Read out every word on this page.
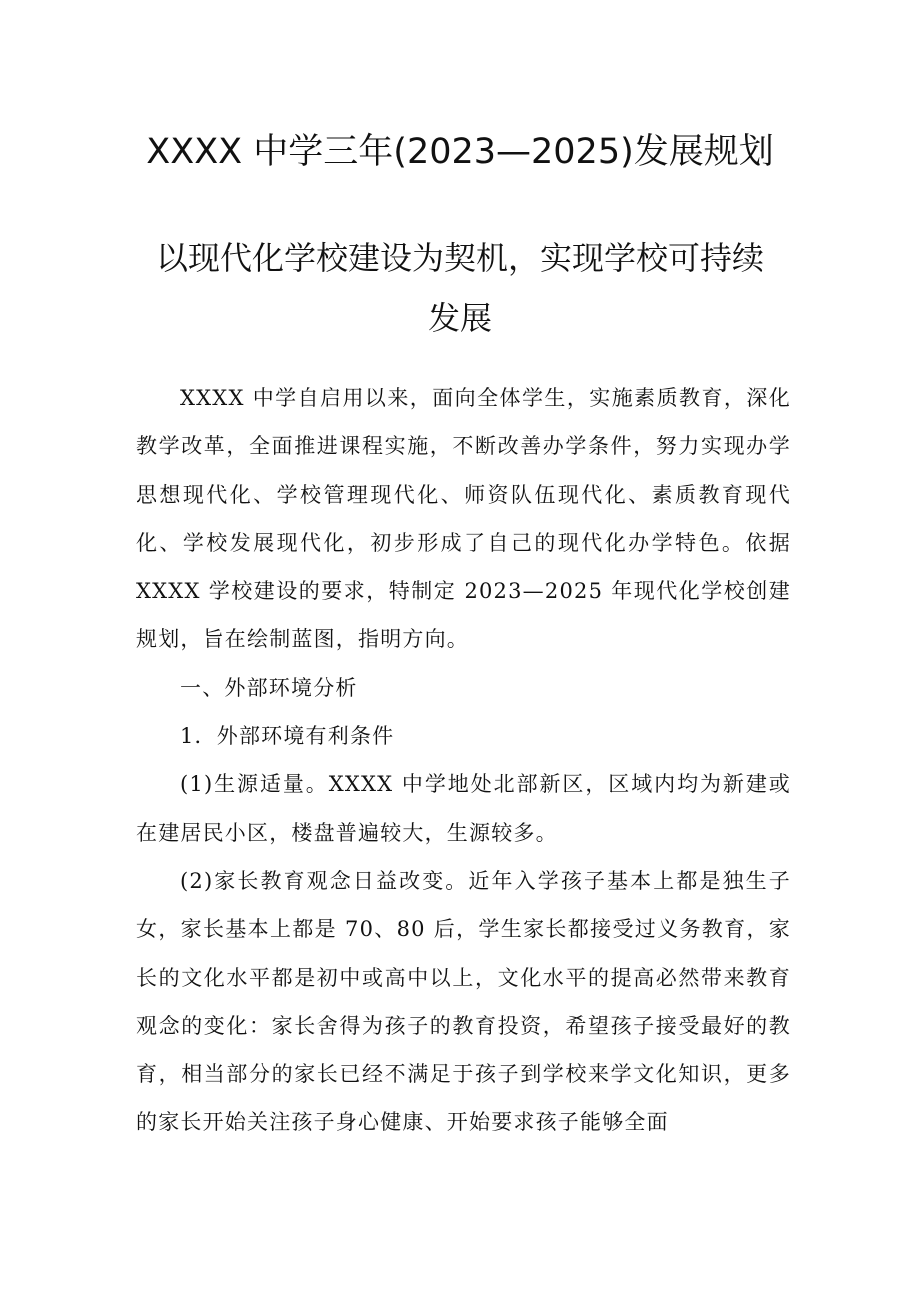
XXXX 中学三年(2023—2025)发展规划
以现代化学校建设为契机，实现学校可持续
发展

XXXX 中学自启用以来，面向全体学生，实施素质教育，深化教学改革，全面推进课程实施，不断改善办学条件，努力实现办学思想现代化、学校管理现代化、师资队伍现代化、素质教育现代化、学校发展现代化，初步形成了自己的现代化办学特色。依据 XXXX 学校建设的要求，特制定 2023—2025 年现代化学校创建规划，旨在绘制蓝图，指明方向。

一、外部环境分析

1．外部环境有利条件

(1)生源适量。XXXX 中学地处北部新区，区域内均为新建或在建居民小区，楼盘普遍较大，生源较多。

(2)家长教育观念日益改变。近年入学孩子基本上都是独生子女，家长基本上都是 70、80 后，学生家长都接受过义务教育，家长的文化水平都是初中或高中以上，文化水平的提高必然带来教育观念的变化：家长舍得为孩子的教育投资，希望孩子接受最好的教育，相当部分的家长已经不满足于孩子到学校来学文化知识，更多的家长开始关注孩子身心健康、开始要求孩子能够全面
